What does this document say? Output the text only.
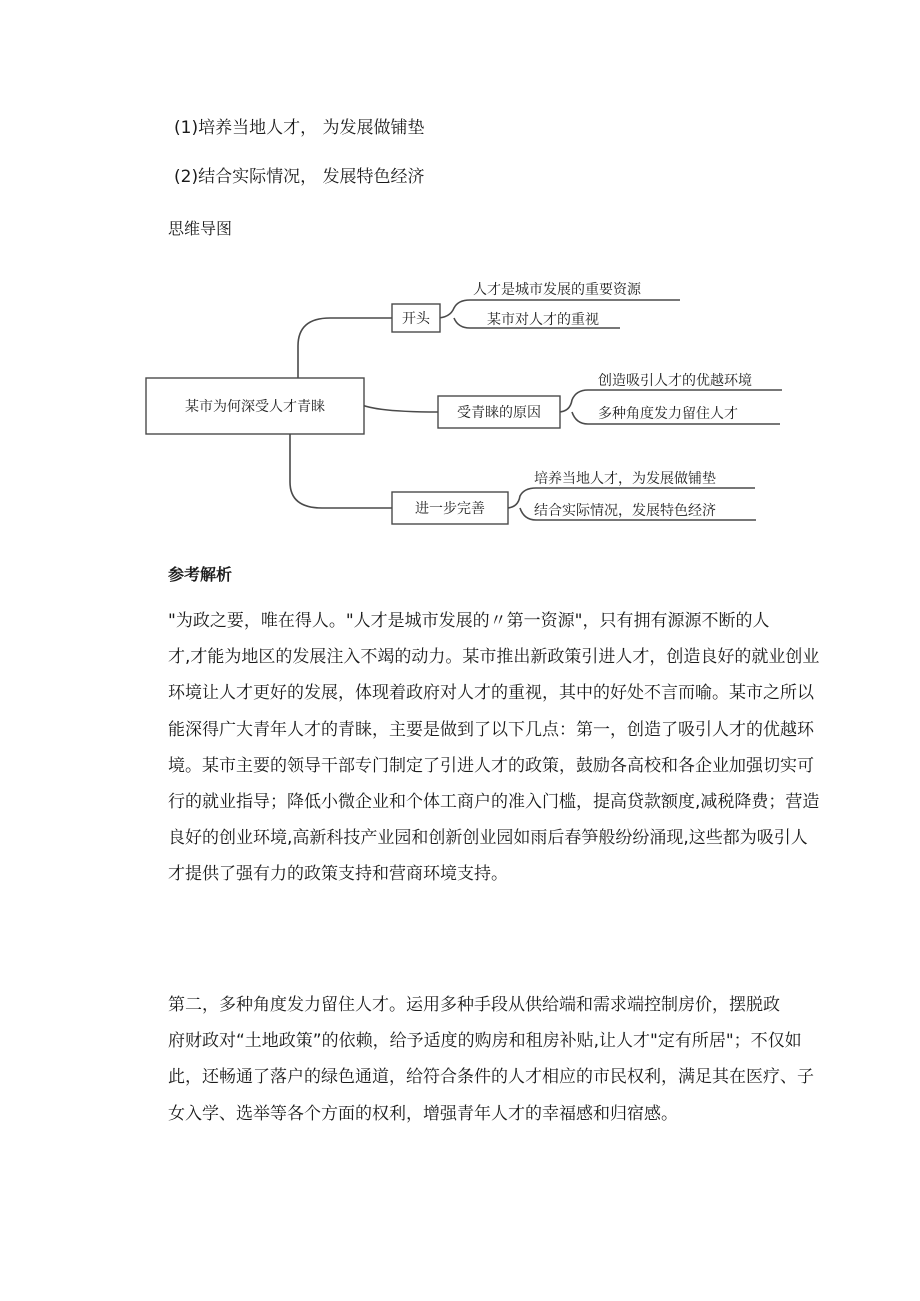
(1)培养当地人才， 为发展做铺垫
(2)结合实际情况， 发展特色经济
思维导图
某市为何深受人才青睐
开头
受青睐的原因
进一步完善
人才是城市发展的重要资源
某市对人才的重视
创造吸引人才的优越环境
多种角度发力留住人才
培养当地人才，为发展做铺垫
结合实际情况，发展特色经济
参考解析
"为政之要，唯在得人。"人才是城市发展的〃第一资源"，只有拥有源源不断的人
才,才能为地区的发展注入不竭的动力。某市推出新政策引进人才，创造良好的就业创业
环境让人才更好的发展，体现着政府对人才的重视，其中的好处不言而喻。某市之所以
能深得广大青年人才的青睐，主要是做到了以下几点：第一，创造了吸引人才的优越环
境。某市主要的领导干部专门制定了引进人才的政策，鼓励各高校和各企业加强切实可
行的就业指导；降低小微企业和个体工商户的准入门槛，提高贷款额度,减税降费；营造
良好的创业环境,高新科技产业园和创新创业园如雨后春笋般纷纷涌现,这些都为吸引人
才提供了强有力的政策支持和营商环境支持。
第二，多种角度发力留住人才。运用多种手段从供给端和需求端控制房价，摆脱政
府财政对“土地政策”的依赖，给予适度的购房和租房补贴,让人才"定有所居"；不仅如
此，还畅通了落户的绿色通道，给符合条件的人才相应的市民权利，满足其在医疗、子
女入学、选举等各个方面的权利，增强青年人才的幸福感和归宿感。
